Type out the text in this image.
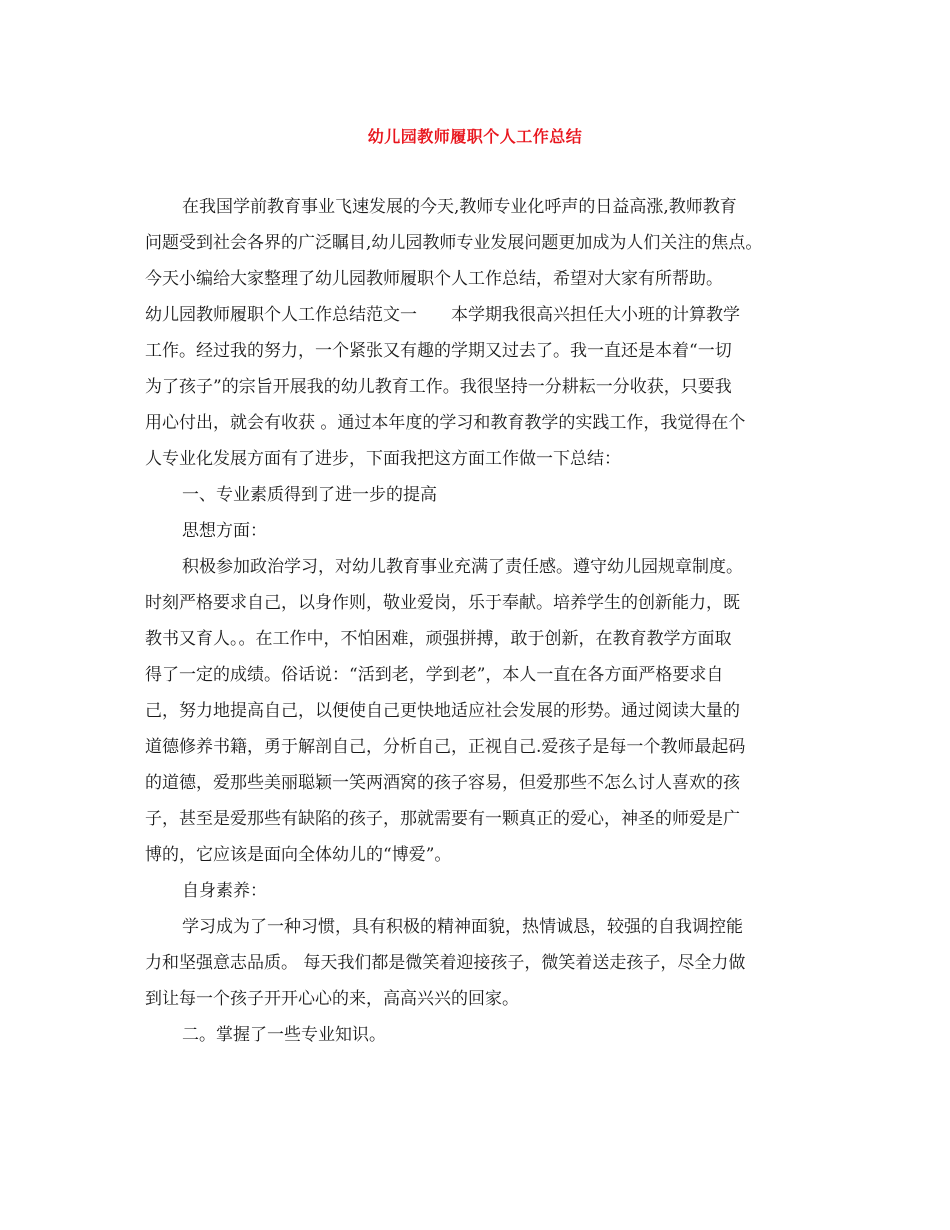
幼儿园教师履职个人工作总结
在我国学前教育事业飞速发展的今天,教师专业化呼声的日益高涨,教师教育
问题受到社会各界的广泛瞩目,幼儿园教师专业发展问题更加成为人们关注的焦点。
今天小编给大家整理了幼儿园教师履职个人工作总结，希望对大家有所帮助。
幼儿园教师履职个人工作总结范文一　　本学期我很高兴担任大小班的计算教学
工作。经过我的努力，一个紧张又有趣的学期又过去了。我一直还是本着“一切
为了孩子”的宗旨开展我的幼儿教育工作。我很坚持一分耕耘一分收获，只要我
用心付出，就会有收获 。通过本年度的学习和教育教学的实践工作，我觉得在个
人专业化发展方面有了进步，下面我把这方面工作做一下总结：
一、专业素质得到了进一步的提高
思想方面：
积极参加政治学习，对幼儿教育事业充满了责任感。遵守幼儿园规章制度。
时刻严格要求自己，以身作则，敬业爱岗，乐于奉献。培养学生的创新能力，既
教书又育人。。在工作中，不怕困难，顽强拼搏，敢于创新，在教育教学方面取
得了一定的成绩。俗话说：“活到老，学到老”，本人一直在各方面严格要求自
己，努力地提高自己，以便使自己更快地适应社会发展的形势。通过阅读大量的
道德修养书籍，勇于解剖自己，分析自己，正视自己.爱孩子是每一个教师最起码
的道德，爱那些美丽聪颖一笑两酒窝的孩子容易，但爱那些不怎么讨人喜欢的孩
子，甚至是爱那些有缺陷的孩子，那就需要有一颗真正的爱心，神圣的师爱是广
博的，它应该是面向全体幼儿的“博爱”。
自身素养：
学习成为了一种习惯，具有积极的精神面貌，热情诚恳，较强的自我调控能
力和坚强意志品质。 每天我们都是微笑着迎接孩子，微笑着送走孩子，尽全力做
到让每一个孩子开开心心的来，高高兴兴的回家。
二。掌握了一些专业知识。
